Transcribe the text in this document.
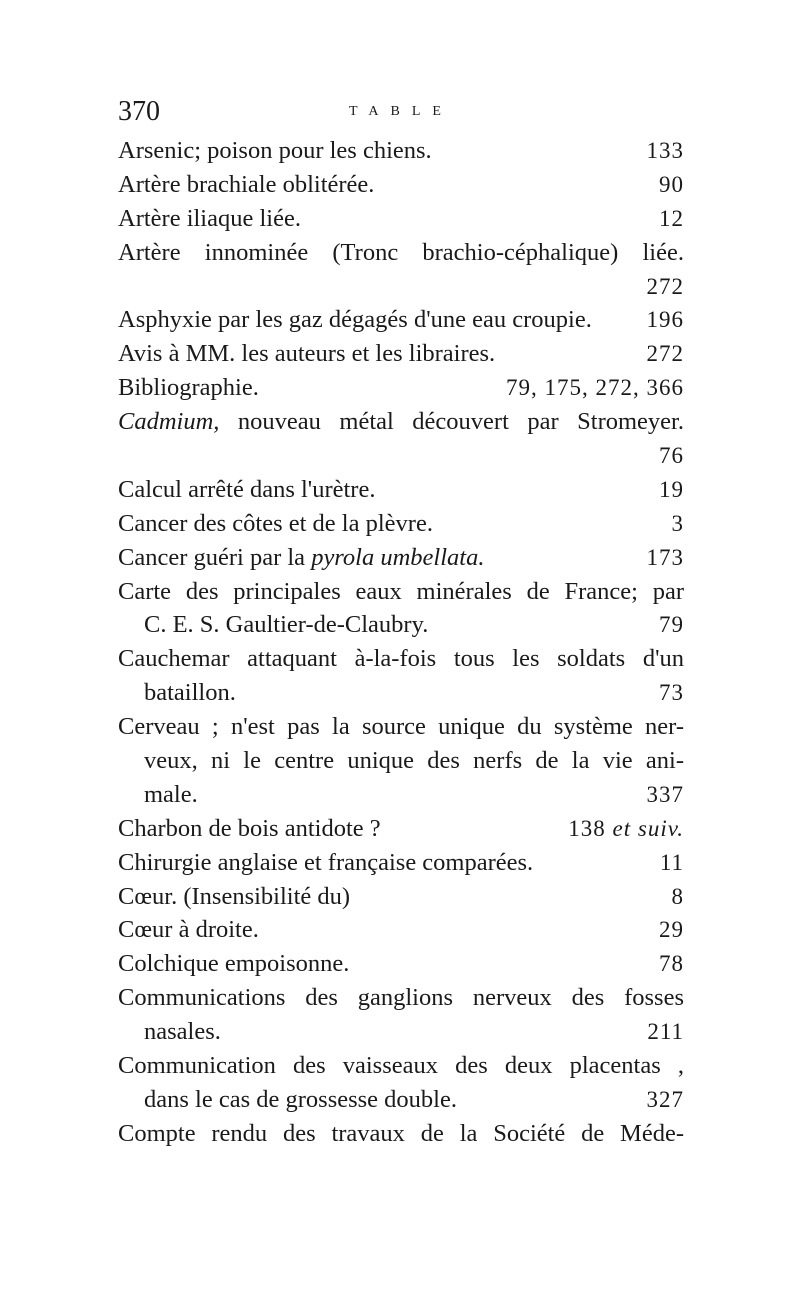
370	TABLE
Arsenic; poison pour les chiens.	133
Artère brachiale oblitérée.	90
Artère iliaque liée.	12
Artère innominée (Tronc brachio-céphalique) liée.
272
Asphyxie par les gaz dégagés d'une eau croupie. 196
Avis à MM. les auteurs et les libraires.	272
Bibliographie.	79, 175, 272, 366
Cadmium, nouveau métal découvert par Stromeyer.
76
Calcul arrêté dans l'urètre.	19
Cancer des côtes et de la plèvre.	3
Cancer guéri par la pyrola umbellata.	173
Carte des principales eaux minérales de France; par
C. E. S. Gaultier-de-Claubry.	79
Cauchemar attaquant à-la-fois tous les soldats d'un
bataillon.	73
Cerveau ; n'est pas la source unique du système ner-
veux, ni le centre unique des nerfs de la vie ani-
male.	337
Charbon de bois antidote ?	138 et suiv.
Chirurgie anglaise et française comparées.	11
Cœur. (Insensibilité du)	8
Cœur à droite.	29
Colchique empoisonne.	78
Communications des ganglions nerveux des fosses
nasales.	211
Communication des vaisseaux des deux placentas ,
dans le cas de grossesse double.	327
Compte rendu des travaux de la Société de Méde-
